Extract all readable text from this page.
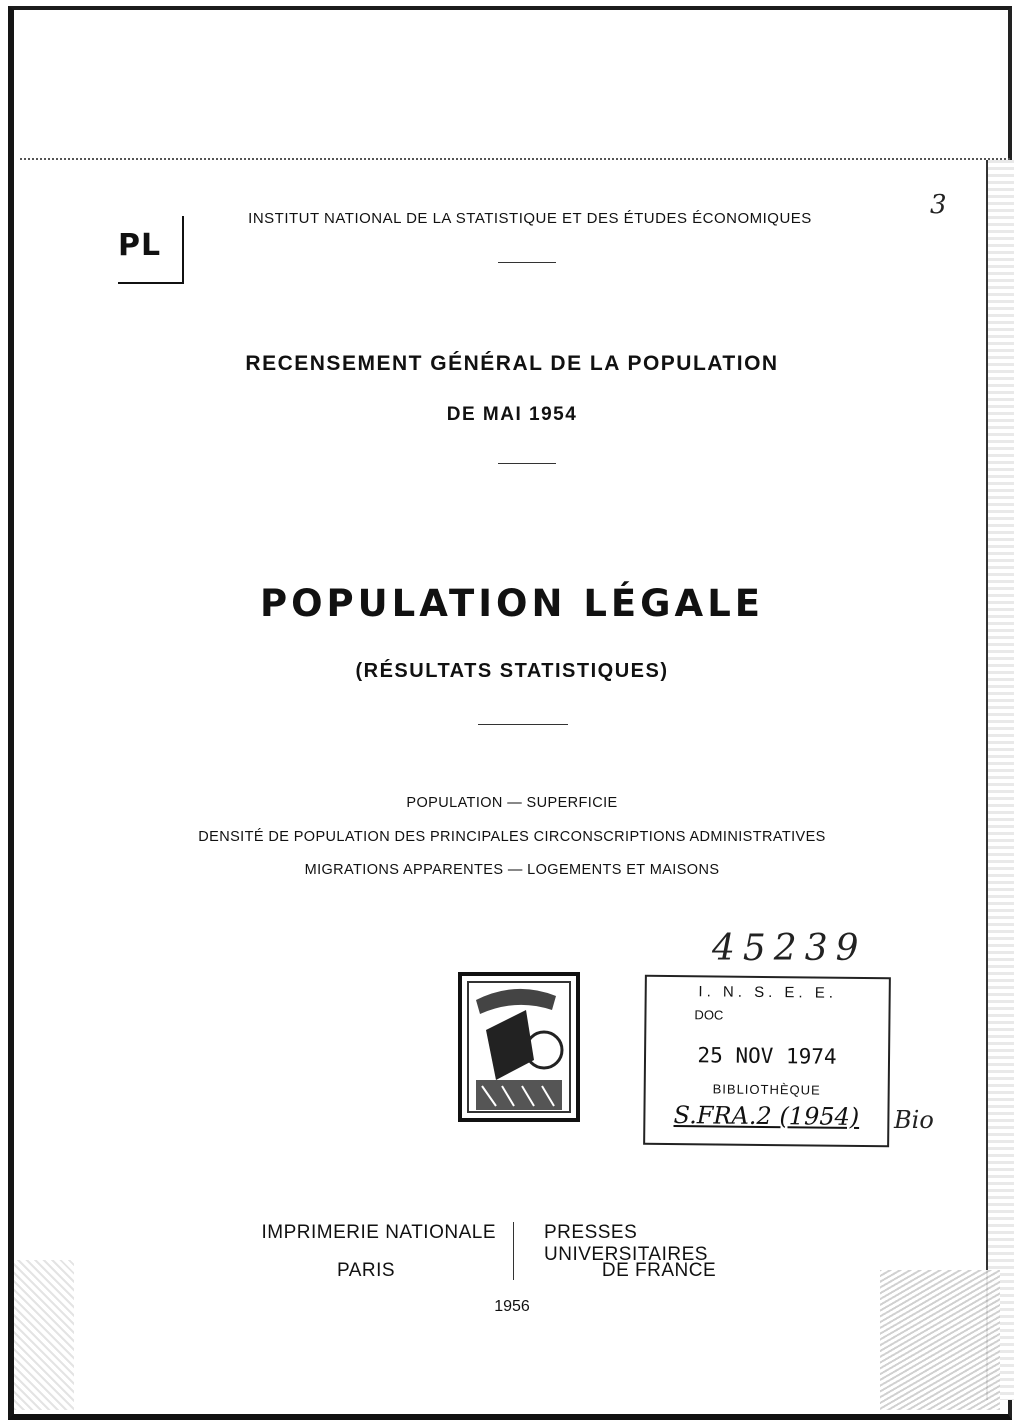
PL
INSTITUT NATIONAL DE LA STATISTIQUE ET DES ÉTUDES ÉCONOMIQUES	3
RECENSEMENT GÉNÉRAL DE LA POPULATION
DE MAI 1954
POPULATION LÉGALE
(RÉSULTATS STATISTIQUES)
POPULATION — SUPERFICIE
DENSITÉ DE POPULATION DES PRINCIPALES CIRCONSCRIPTIONS ADMINISTRATIVES
MIGRATIONS APPARENTES — LOGEMENTS ET MAISONS
45239
I. N. S. E. E.
DOC
25 NOV 1974
BIBLIOTHÈQUE
S.FRA.2 (1954)	Bio
IMPRIMERIE NATIONALE
PARIS
PRESSES UNIVERSITAIRES
DE FRANCE
1956
